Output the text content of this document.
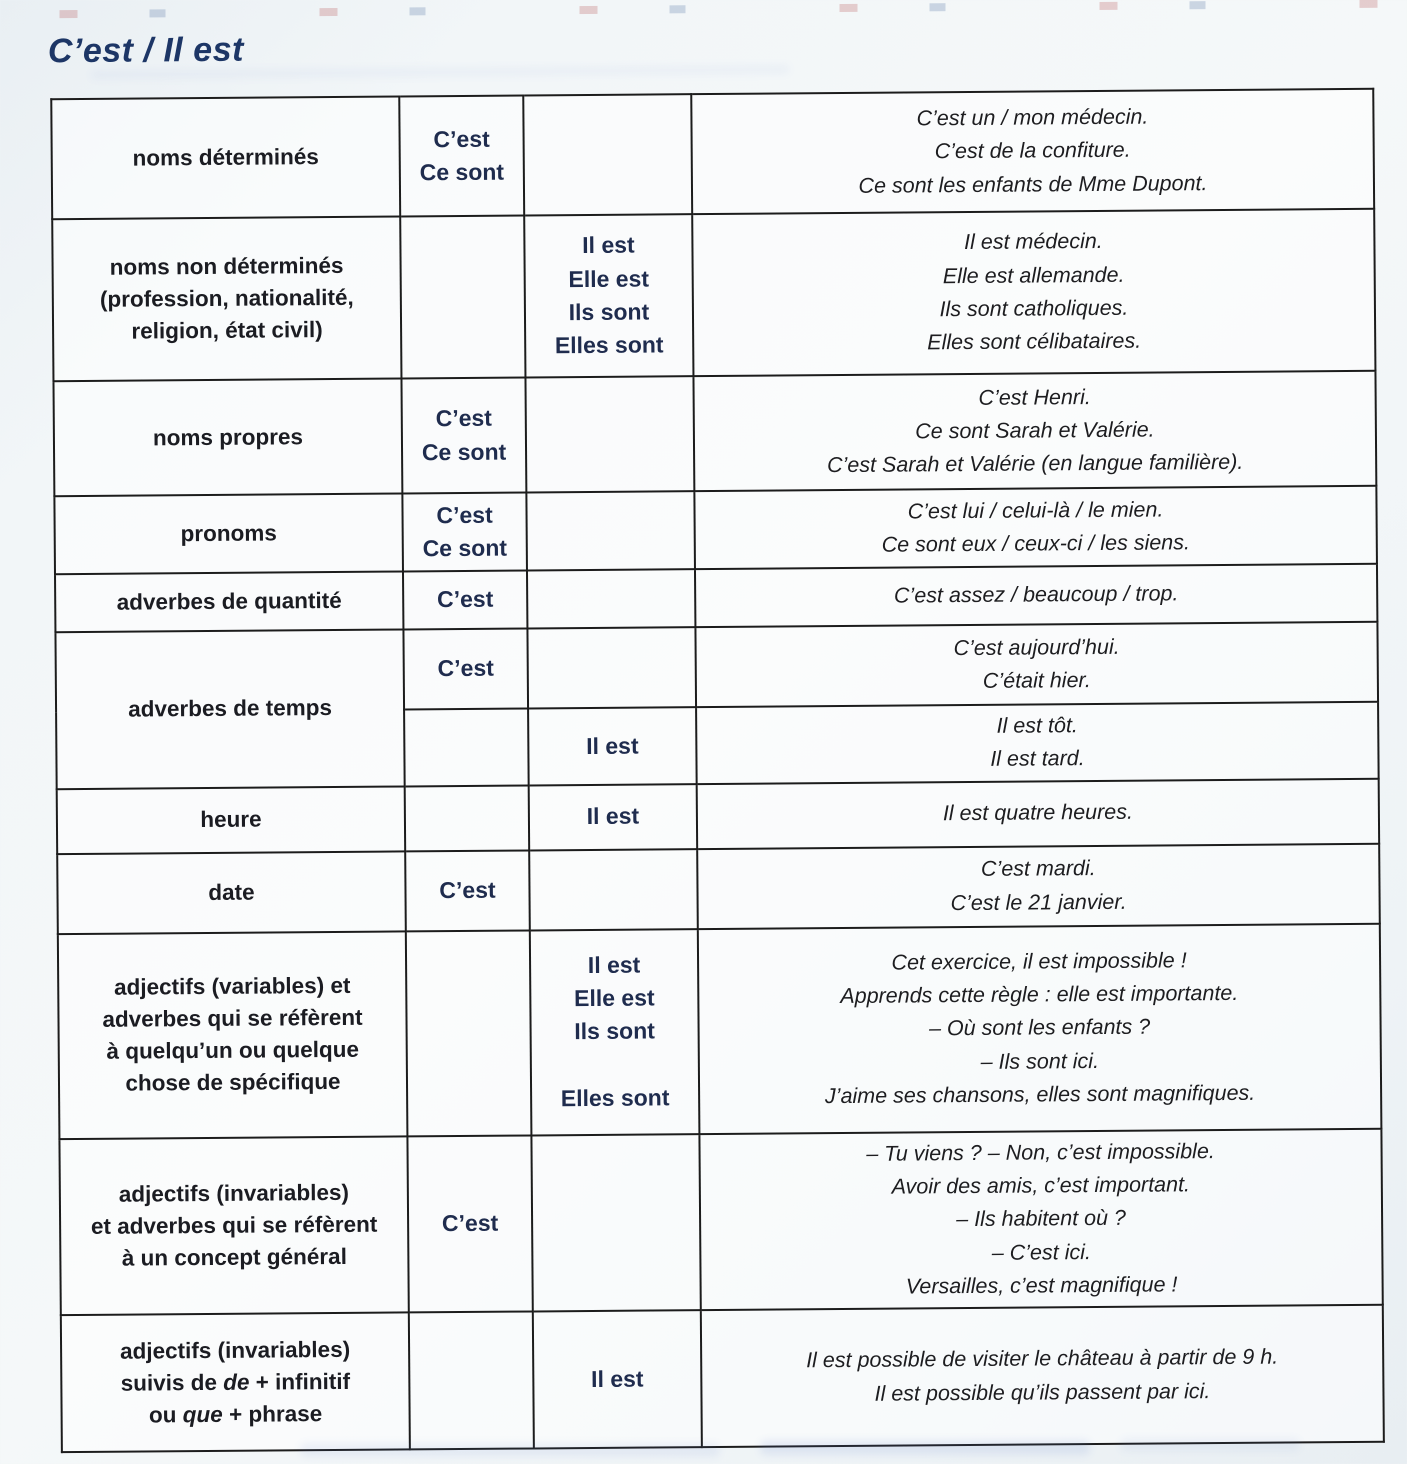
C’est / Il est
noms déterminés	C’est
Ce sont		C’est un / mon médecin.
C’est de la confiture.
Ce sont les enfants de Mme Dupont.
noms non déterminés
(profession, nationalité,
religion, état civil)		Il est
Elle est
Ils sont
Elles sont	Il est médecin.
Elle est allemande.
Ils sont catholiques.
Elles sont célibataires.
noms propres	C’est
Ce sont		C’est Henri.
Ce sont Sarah et Valérie.
C’est Sarah et Valérie (en langue familière).
pronoms	C’est
Ce sont		C’est lui / celui-là / le mien.
Ce sont eux / ceux-ci / les siens.
adverbes de quantité	C’est		C’est assez / beaucoup / trop.
adverbes de temps	C’est		C’est aujourd’hui.
C’était hier.
		Il est	Il est tôt.
Il est tard.
heure		Il est	Il est quatre heures.
date	C’est		C’est mardi.
C’est le 21 janvier.
adjectifs (variables) et
adverbes qui se réfèrent
à quelqu’un ou quelque
chose de spécifique		Il est
Elle est
Ils sont

Elles sont	Cet exercice, il est impossible !
Apprends cette règle : elle est importante.
– Où sont les enfants ?
– Ils sont ici.
J’aime ses chansons, elles sont magnifiques.
adjectifs (invariables)
et adverbes qui se réfèrent
à un concept général	C’est		– Tu viens ? – Non, c’est impossible.
Avoir des amis, c’est important.
– Ils habitent où ?
– C’est ici.
Versailles, c’est magnifique !
adjectifs (invariables)
suivis de de + infinitif
ou que + phrase		Il est	Il est possible de visiter le château à partir de 9 h.
Il est possible qu’ils passent par ici.
